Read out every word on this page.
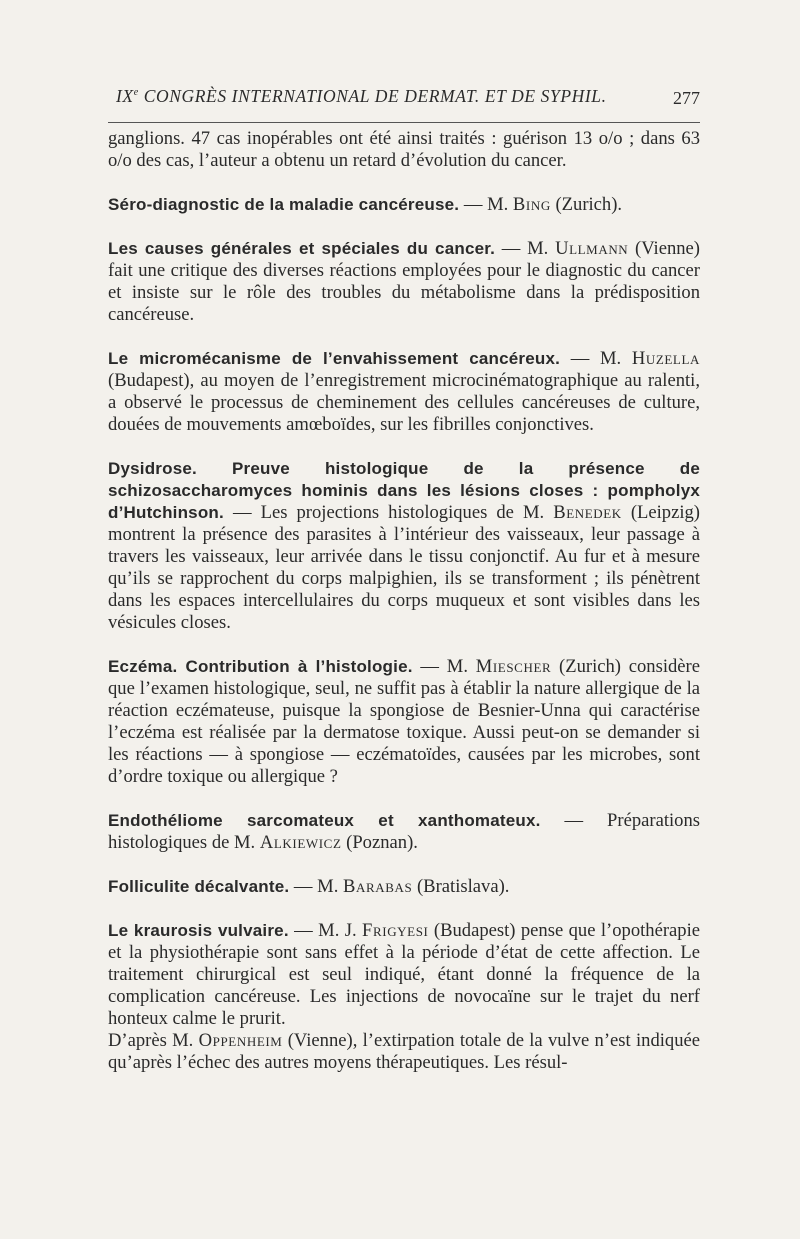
IXe CONGRÈS INTERNATIONAL DE DERMAT. ET DE SYPHIL.	277

ganglions. 47 cas inopérables ont été ainsi traités : guérison 13 o/o ; dans 63 o/o des cas, l’auteur a obtenu un retard d’évolution du cancer.

Séro-diagnostic de la maladie cancéreuse. — M. Bing (Zurich).

Les causes générales et spéciales du cancer. — M. Ullmann (Vienne) fait une critique des diverses réactions employées pour le diagnostic du cancer et insiste sur le rôle des troubles du métabolisme dans la prédisposition cancéreuse.

Le micromécanisme de l’envahissement cancéreux. — M. Huzella (Budapest), au moyen de l’enregistrement microcinématographique au ralenti, a observé le processus de cheminement des cellules cancéreuses de culture, douées de mouvements amœboïdes, sur les fibrilles conjonctives.

Dysidrose. Preuve histologique de la présence de schizosaccharomyces hominis dans les lésions closes : pompholyx d’Hutchinson. — Les projections histologiques de M. Benedek (Leipzig) montrent la présence des parasites à l’intérieur des vaisseaux, leur passage à travers les vaisseaux, leur arrivée dans le tissu conjonctif. Au fur et à mesure qu’ils se rapprochent du corps malpighien, ils se transforment ; ils pénètrent dans les espaces intercellulaires du corps muqueux et sont visibles dans les vésicules closes.

Eczéma. Contribution à l’histologie. — M. Miescher (Zurich) considère que l’examen histologique, seul, ne suffit pas à établir la nature allergique de la réaction eczémateuse, puisque la spongiose de Besnier-Unna qui caractérise l’eczéma est réalisée par la dermatose toxique. Aussi peut-on se demander si les réactions — à spongiose — eczématoïdes, causées par les microbes, sont d’ordre toxique ou allergique ?

Endothéliome sarcomateux et xanthomateux. — Préparations histologiques de M. Alkiewicz (Poznan).

Folliculite décalvante. — M. Barabas (Bratislava).

Le kraurosis vulvaire. — M. J. Frigyesi (Budapest) pense que l’opothérapie et la physiothérapie sont sans effet à la période d’état de cette affection. Le traitement chirurgical est seul indiqué, étant donné la fréquence de la complication cancéreuse. Les injections de novocaïne sur le trajet du nerf honteux calme le prurit.

D’après M. Oppenheim (Vienne), l’extirpation totale de la vulve n’est indiquée qu’après l’échec des autres moyens thérapeutiques. Les résul-
